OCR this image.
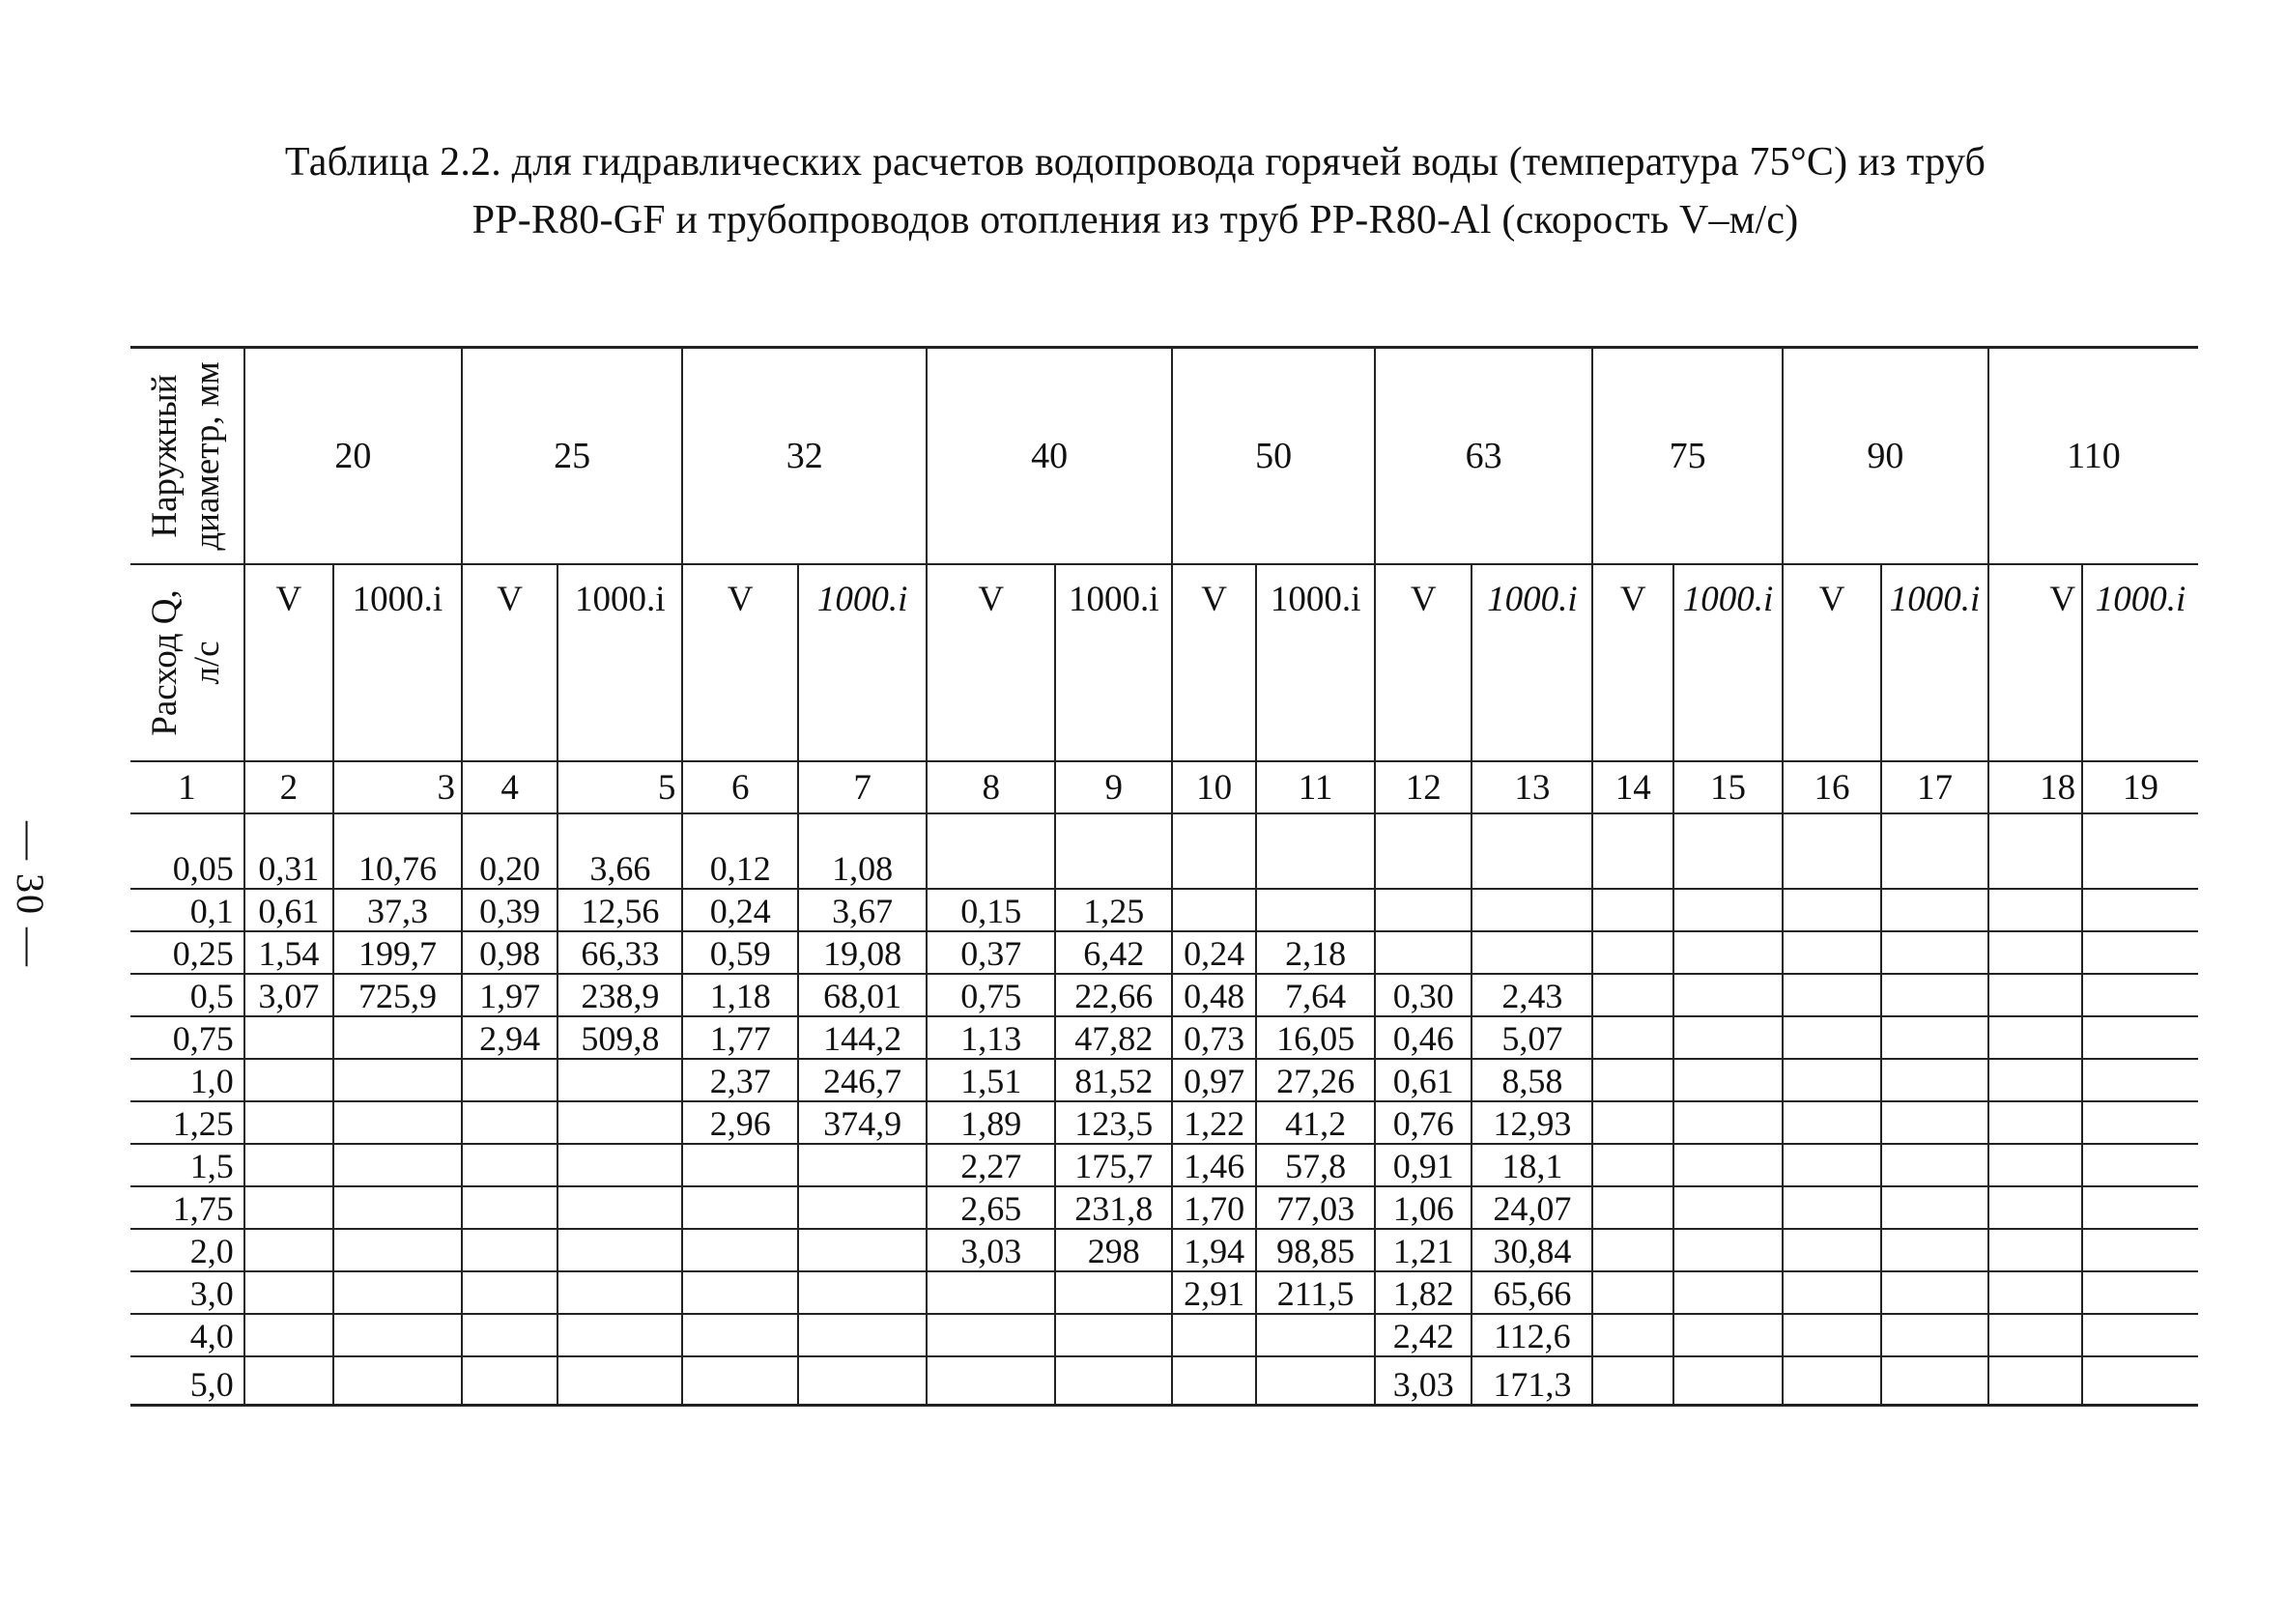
Таблица 2.2. для гидравлических расчетов водопровода горячей воды (температура 75°С) из труб
PP-R80-GF и трубопроводов отопления из труб PP-R80-Al (скорость V–м/с)
— 30 —
Наружный диаметр, мм	20		25		32		40		50		63		75		90		110	

Расход Q, л/с	V	1000.i	V	1000.i	V	1000.i	V	1000.i	V	1000.i	V	1000.i	V	1000.i	V	1000.i	V	1000.i
1	2	3	4	5	6	7	8	9	10	11	12	13	14	15	16	17	18	19

0,05	0,31	10,76	0,20	3,66	0,12	1,08												
0,1	0,61	37,3	0,39	12,56	0,24	3,67	0,15	1,25										
0,25	1,54	199,7	0,98	66,33	0,59	19,08	0,37	6,42	0,24	2,18								
0,5	3,07	725,9	1,97	238,9	1,18	68,01	0,75	22,66	0,48	7,64	0,30	2,43						
0,75			2,94	509,8	1,77	144,2	1,13	47,82	0,73	16,05	0,46	5,07						
1,0					2,37	246,7	1,51	81,52	0,97	27,26	0,61	8,58						
1,25					2,96	374,9	1,89	123,5	1,22	41,2	0,76	12,93						
1,5							2,27	175,7	1,46	57,8	0,91	18,1						
1,75							2,65	231,8	1,70	77,03	1,06	24,07						
2,0							3,03	298	1,94	98,85	1,21	30,84						
3,0									2,91	211,5	1,82	65,66						
4,0											2,42	112,6						
5,0											3,03	171,3						
